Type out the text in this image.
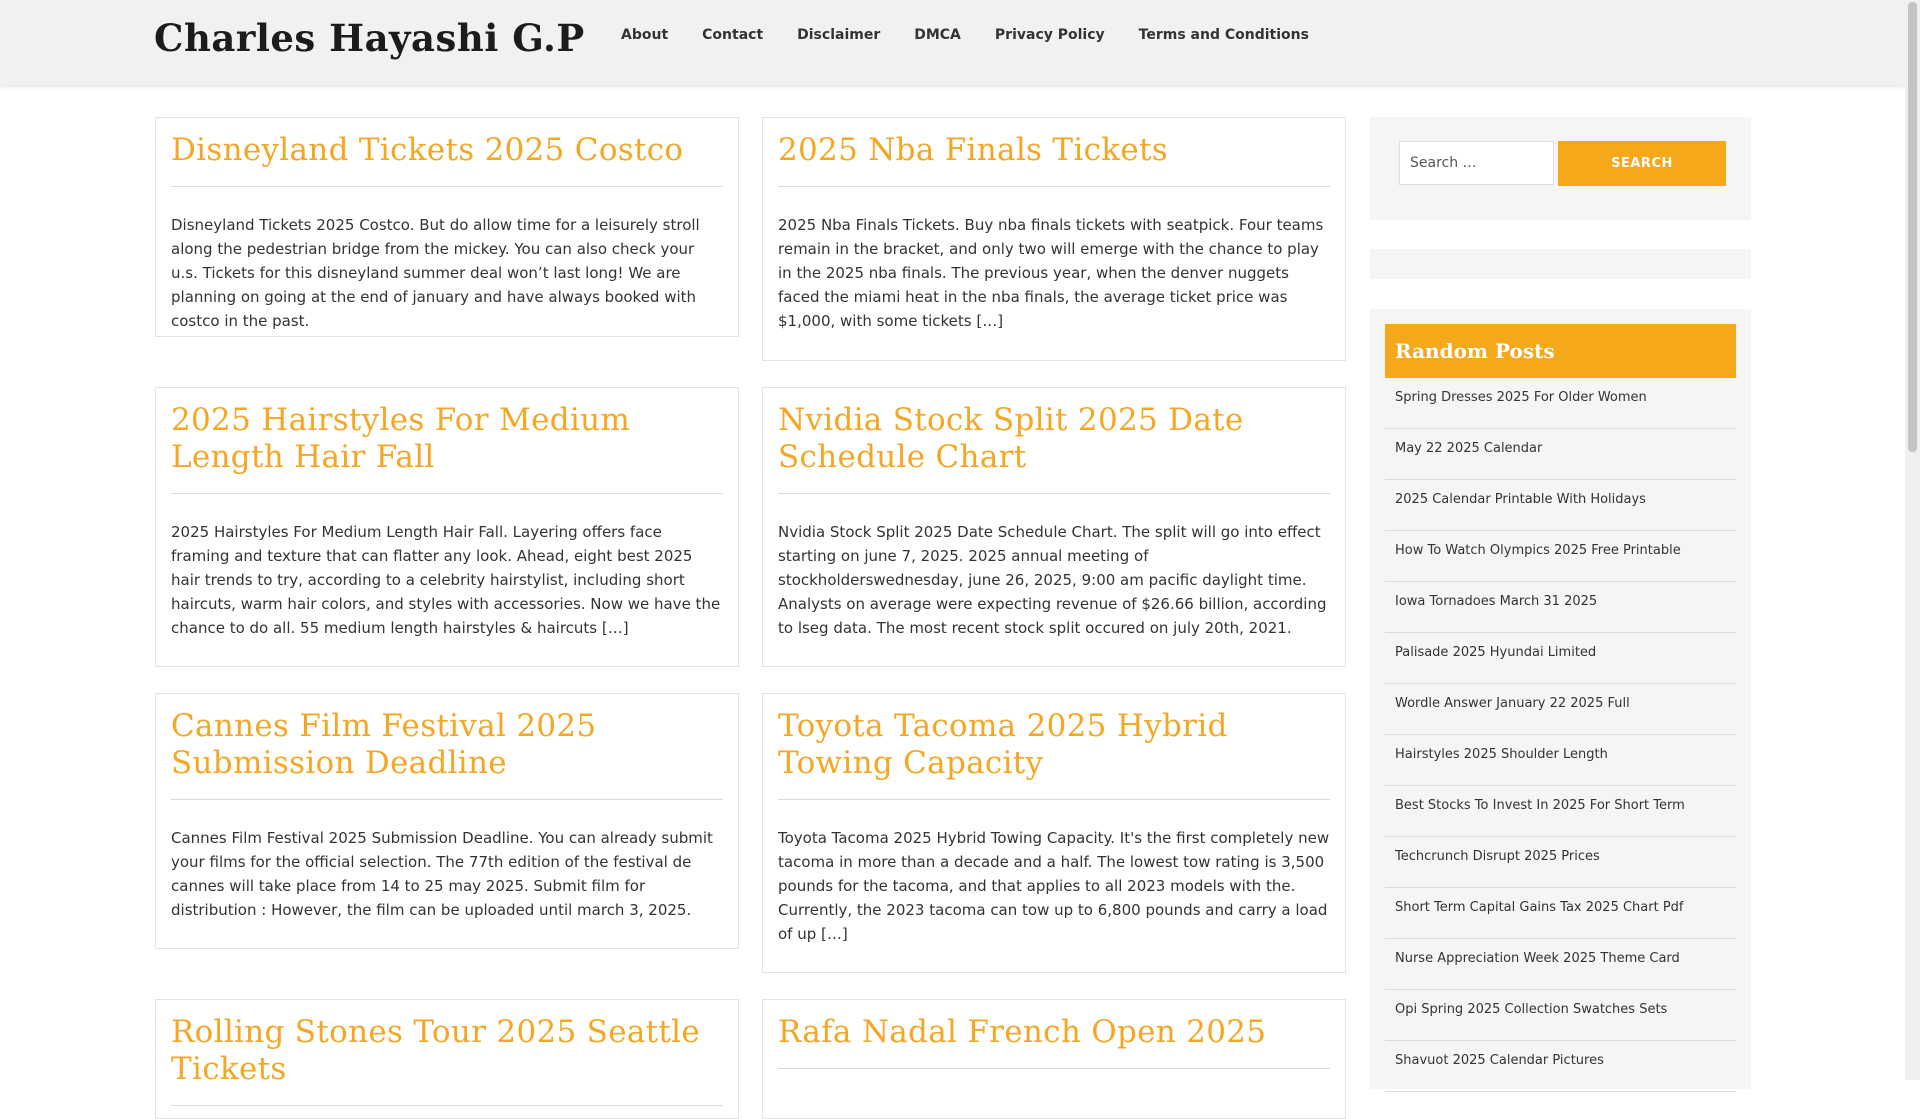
Charles Hayashi G.P	About	Contact	Disclaimer	DMCA	Privacy Policy	Terms and Conditions
Disneyland Tickets 2025 Costco

Disneyland Tickets 2025 Costco. But do allow time for a leisurely stroll along the pedestrian bridge from the mickey. You can also check your u.s. Tickets for this disneyland summer deal won’t last long! We are planning on going at the end of january and have always booked with costco in the past.

2025 Nba Finals Tickets

2025 Nba Finals Tickets. Buy nba finals tickets with seatpick. Four teams remain in the bracket, and only two will emerge with the chance to play in the 2025 nba finals. The previous year, when the denver nuggets faced the miami heat in the nba finals, the average ticket price was $1,000, with some tickets […]

2025 Hairstyles For Medium Length Hair Fall

2025 Hairstyles For Medium Length Hair Fall. Layering offers face framing and texture that can flatter any look. Ahead, eight best 2025 hair trends to try, according to a celebrity hairstylist, including short haircuts, warm hair colors, and styles with accessories. Now we have the chance to do all. 55 medium length hairstyles & haircuts […]

Nvidia Stock Split 2025 Date Schedule Chart

Nvidia Stock Split 2025 Date Schedule Chart. The split will go into effect starting on june 7, 2025. 2025 annual meeting of stockholderswednesday, june 26, 2025, 9:00 am pacific daylight time. Analysts on average were expecting revenue of $26.66 billion, according to lseg data. The most recent stock split occured on july 20th, 2021.

Cannes Film Festival 2025 Submission Deadline

Cannes Film Festival 2025 Submission Deadline. You can already submit your films for the official selection. The 77th edition of the festival de cannes will take place from 14 to 25 may 2025. Submit film for distribution : However, the film can be uploaded until march 3, 2025.

Toyota Tacoma 2025 Hybrid Towing Capacity

Toyota Tacoma 2025 Hybrid Towing Capacity. It's the first completely new tacoma in more than a decade and a half. The lowest tow rating is 3,500 pounds for the tacoma, and that applies to all 2023 models with the. Currently, the 2023 tacoma can tow up to 6,800 pounds and carry a load of up […]

Rolling Stones Tour 2025 Seattle Tickets

Rafa Nadal French Open 2025

Search …
SEARCH
Random Posts
Spring Dresses 2025 For Older Women
May 22 2025 Calendar
2025 Calendar Printable With Holidays
How To Watch Olympics 2025 Free Printable
Iowa Tornadoes March 31 2025
Palisade 2025 Hyundai Limited
Wordle Answer January 22 2025 Full
Hairstyles 2025 Shoulder Length
Best Stocks To Invest In 2025 For Short Term
Techcrunch Disrupt 2025 Prices
Short Term Capital Gains Tax 2025 Chart Pdf
Nurse Appreciation Week 2025 Theme Card
Opi Spring 2025 Collection Swatches Sets
Shavuot 2025 Calendar Pictures
